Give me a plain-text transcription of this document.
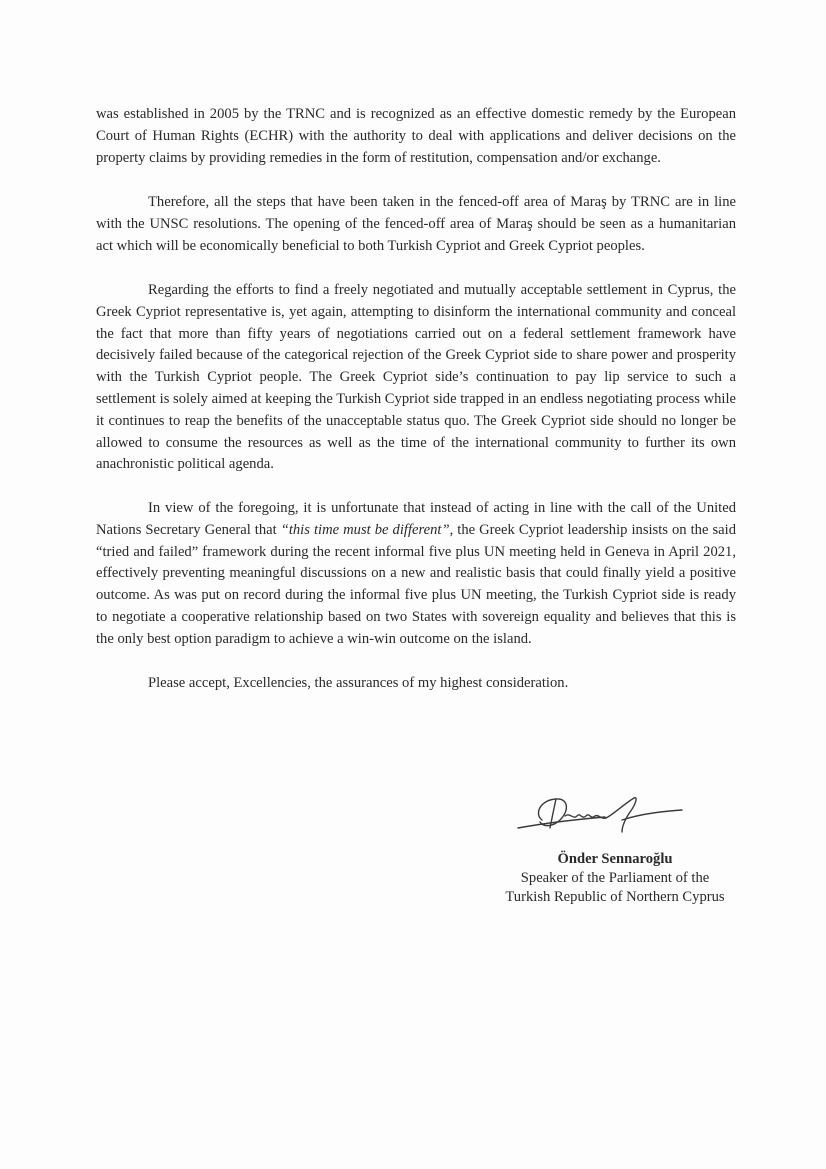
was established in 2005 by the TRNC and is recognized as an effective domestic remedy by the European Court of Human Rights (ECHR) with the authority to deal with applications and deliver decisions on the property claims by providing remedies in the form of restitution, compensation and/or exchange.

Therefore, all the steps that have been taken in the fenced-off area of Maraş by TRNC are in line with the UNSC resolutions. The opening of the fenced-off area of Maraş should be seen as a humanitarian act which will be economically beneficial to both Turkish Cypriot and Greek Cypriot peoples.

Regarding the efforts to find a freely negotiated and mutually acceptable settlement in Cyprus, the Greek Cypriot representative is, yet again, attempting to disinform the international community and conceal the fact that more than fifty years of negotiations carried out on a federal settlement framework have decisively failed because of the categorical rejection of the Greek Cypriot side to share power and prosperity with the Turkish Cypriot people. The Greek Cypriot side’s continuation to pay lip service to such a settlement is solely aimed at keeping the Turkish Cypriot side trapped in an endless negotiating process while it continues to reap the benefits of the unacceptable status quo. The Greek Cypriot side should no longer be allowed to consume the resources as well as the time of the international community to further its own anachronistic political agenda.

In view of the foregoing, it is unfortunate that instead of acting in line with the call of the United Nations Secretary General that “this time must be different”, the Greek Cypriot leadership insists on the said “tried and failed” framework during the recent informal five plus UN meeting held in Geneva in April 2021, effectively preventing meaningful discussions on a new and realistic basis that could finally yield a positive outcome. As was put on record during the informal five plus UN meeting, the Turkish Cypriot side is ready to negotiate a cooperative relationship based on two States with sovereign equality and believes that this is the only best option paradigm to achieve a win-win outcome on the island.

Please accept, Excellencies, the assurances of my highest consideration.

Önder Sennaroğlu
Speaker of the Parliament of the
Turkish Republic of Northern Cyprus
